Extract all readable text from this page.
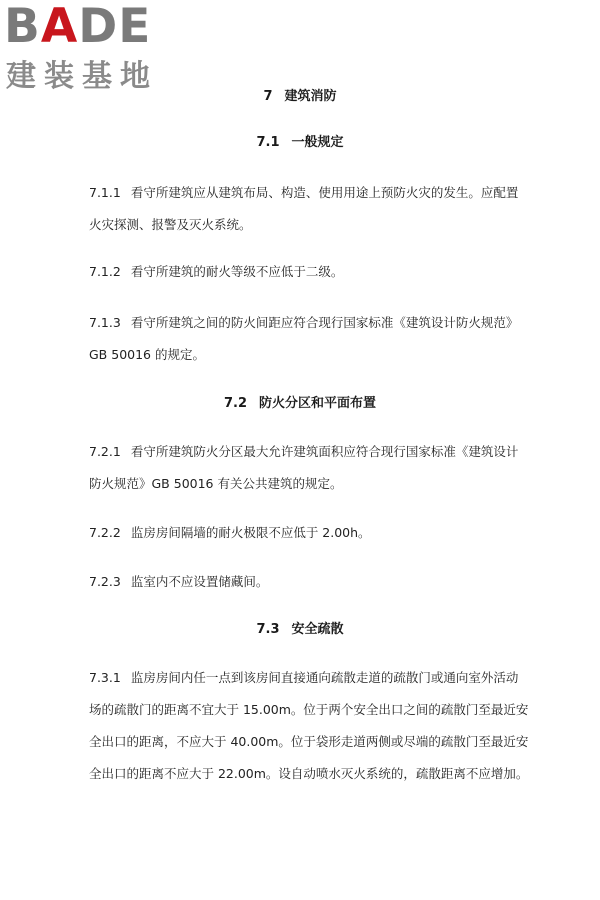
BADE
建装基地
7 建筑消防
7.1 一般规定
7.1.1 看守所建筑应从建筑布局、构造、使用用途上预防火灾的发生。应配置火灾探测、报警及灭火系统。
7.1.2 看守所建筑的耐火等级不应低于二级。
7.1.3 看守所建筑之间的防火间距应符合现行国家标准《建筑设计防火规范》GB 50016 的规定。
7.2 防火分区和平面布置
7.2.1 看守所建筑防火分区最大允许建筑面积应符合现行国家标准《建筑设计防火规范》GB 50016 有关公共建筑的规定。
7.2.2 监房房间隔墙的耐火极限不应低于 2.00h。
7.2.3 监室内不应设置储藏间。
7.3 安全疏散
7.3.1 监房房间内任一点到该房间直接通向疏散走道的疏散门或通向室外活动场的疏散门的距离不宜大于 15.00m。位于两个安全出口之间的疏散门至最近安全出口的距离，不应大于 40.00m。位于袋形走道两侧或尽端的疏散门至最近安全出口的距离不应大于 22.00m。设自动喷水灭火系统的，疏散距离不应增加。
